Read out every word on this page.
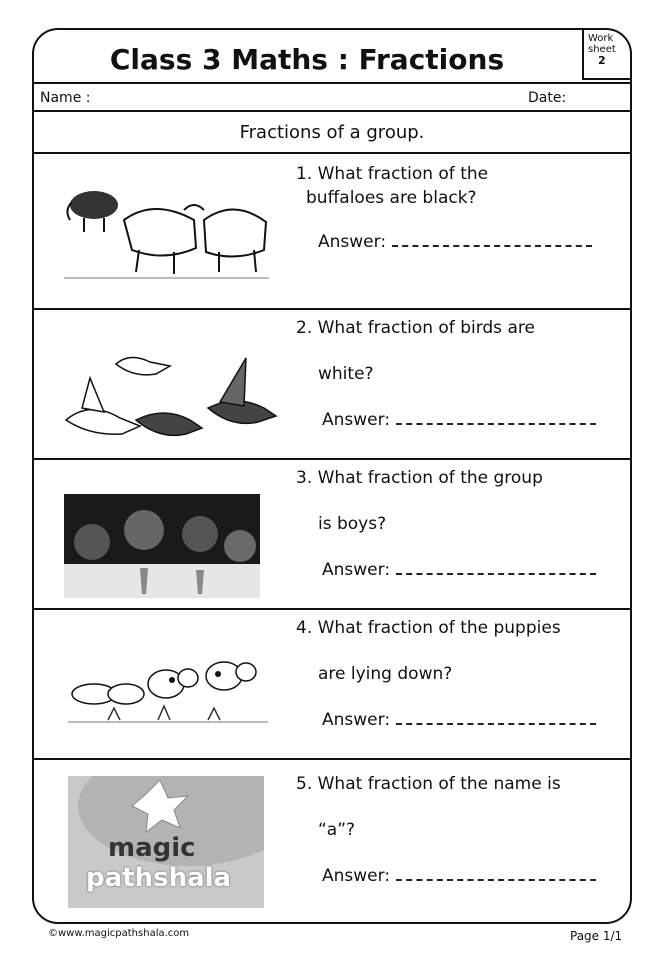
Class 3 Maths : Fractions
Work
sheet
2
Name :	Date:
Fractions of a group.
1. What fraction of the
buffaloes are black?
Answer:
2. What fraction of birds are
white?
Answer:
3. What fraction of the group
is boys?
Answer:
4. What fraction of the puppies
are lying down?
Answer:
magic
pathshala
5. What fraction of the name is
“a”?
Answer:
©www.magicpathshala.com	Page 1/1
